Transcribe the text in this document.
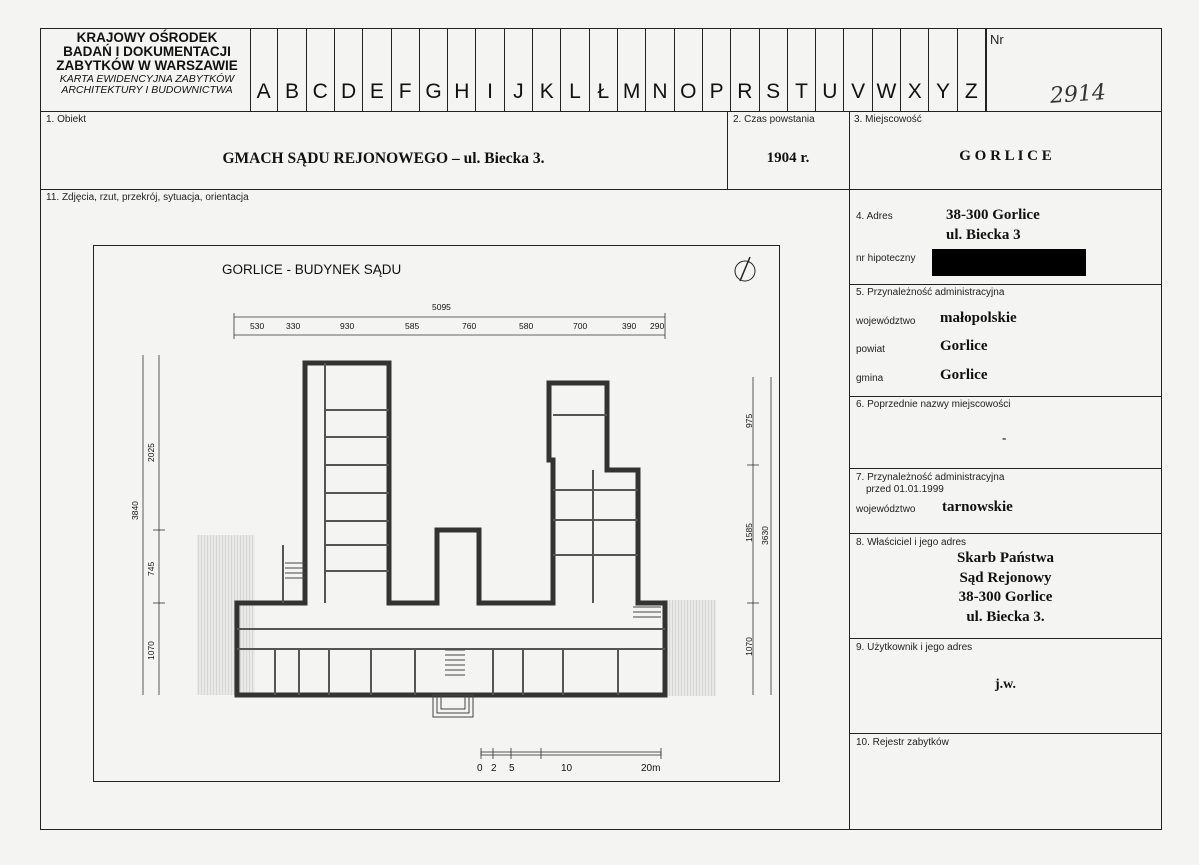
KRAJOWY OŚRODEK
BADAŃ I DOKUMENTACJI
ZABYTKÓW W WARSZAWIE
KARTA EWIDENCYJNA ZABYTKÓW
ARCHITEKTURY I BUDOWNICTWA	A B C D E F G H I J K L Ł M N O P R S T U V W X Y Z
Nr
2914
1. Obiekt
GMACH SĄDU REJONOWEGO – ul. Biecka 3.
2. Czas powstania
1904 r.
3. Miejscowość
G O R L I C E
11. Zdjęcia, rzut, przekrój, sytuacja, orientacja
4. Adres	38-300 Gorlice
ul. Biecka 3
nr hipoteczny
5. Przynależność administracyjna
województwo małopolskie
powiat	Gorlice
gmina	Gorlice
6. Poprzednie nazwy miejscowości
-
7. Przynależność administracyjna
przed 01.01.1999
województwo tarnowskie
8. Właściciel i jego adres
Skarb Państwa
Sąd Rejonowy
38-300 Gorlice
ul. Biecka 3.
9. Użytkownik i jego adres
j.w.
10. Rejestr zabytków
GORLICE - BUDYNEK SĄDU
5095
530	330	930	585	760	580	700	390 290
3840
2025
745
1070
975
1585
1070
3630
0 2 5	10	20m
